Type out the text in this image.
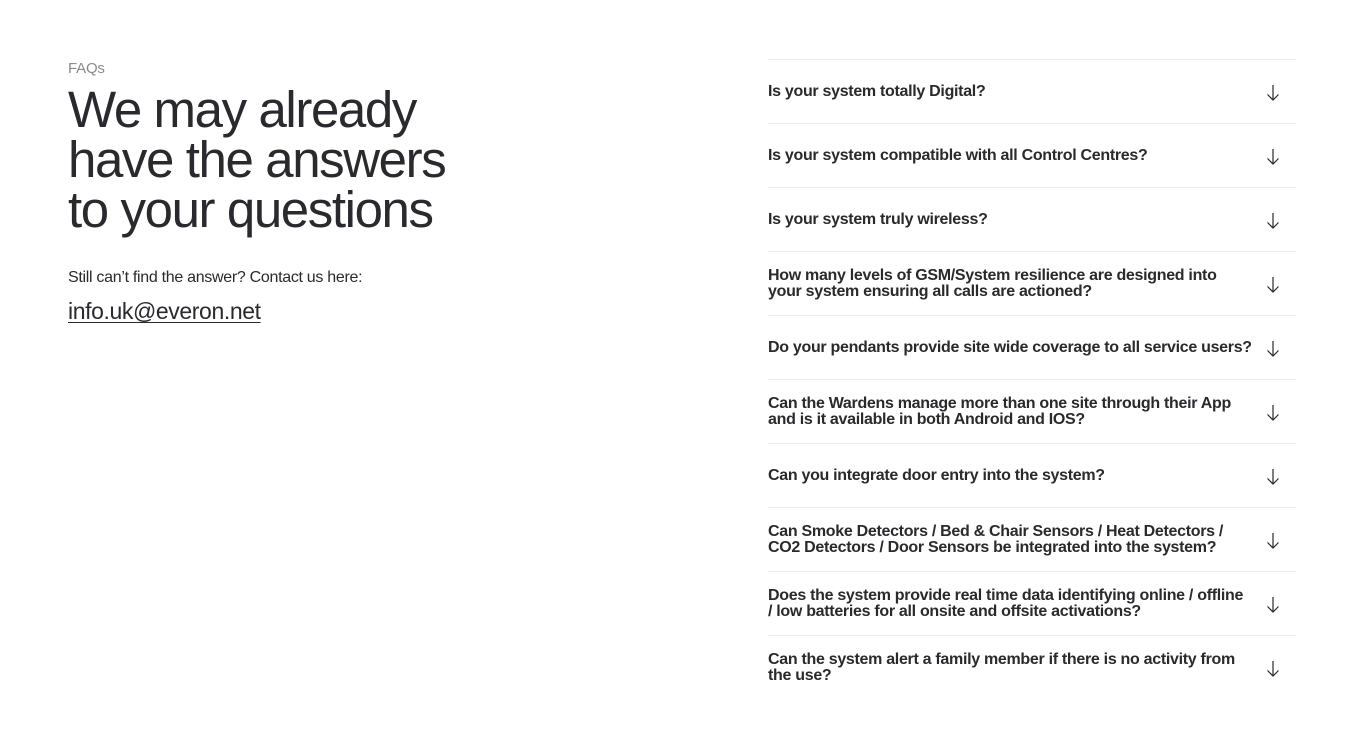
FAQs

We may already
have the answers
to your questions

Still can’t find the answer? Contact us here:

info.uk@everon.net
Is your system totally Digital?
Is your system compatible with all Control Centres?
Is your system truly wireless?
How many levels of GSM/System resilience are designed into
your system ensuring all calls are actioned?
Do your pendants provide site wide coverage to all service users?
Can the Wardens manage more than one site through their App
and is it available in both Android and IOS?
Can you integrate door entry into the system?
Can Smoke Detectors / Bed & Chair Sensors / Heat Detectors /
CO2 Detectors / Door Sensors be integrated into the system?
Does the system provide real time data identifying online / offline
/ low batteries for all onsite and offsite activations?
Can the system alert a family member if there is no activity from
the use?
